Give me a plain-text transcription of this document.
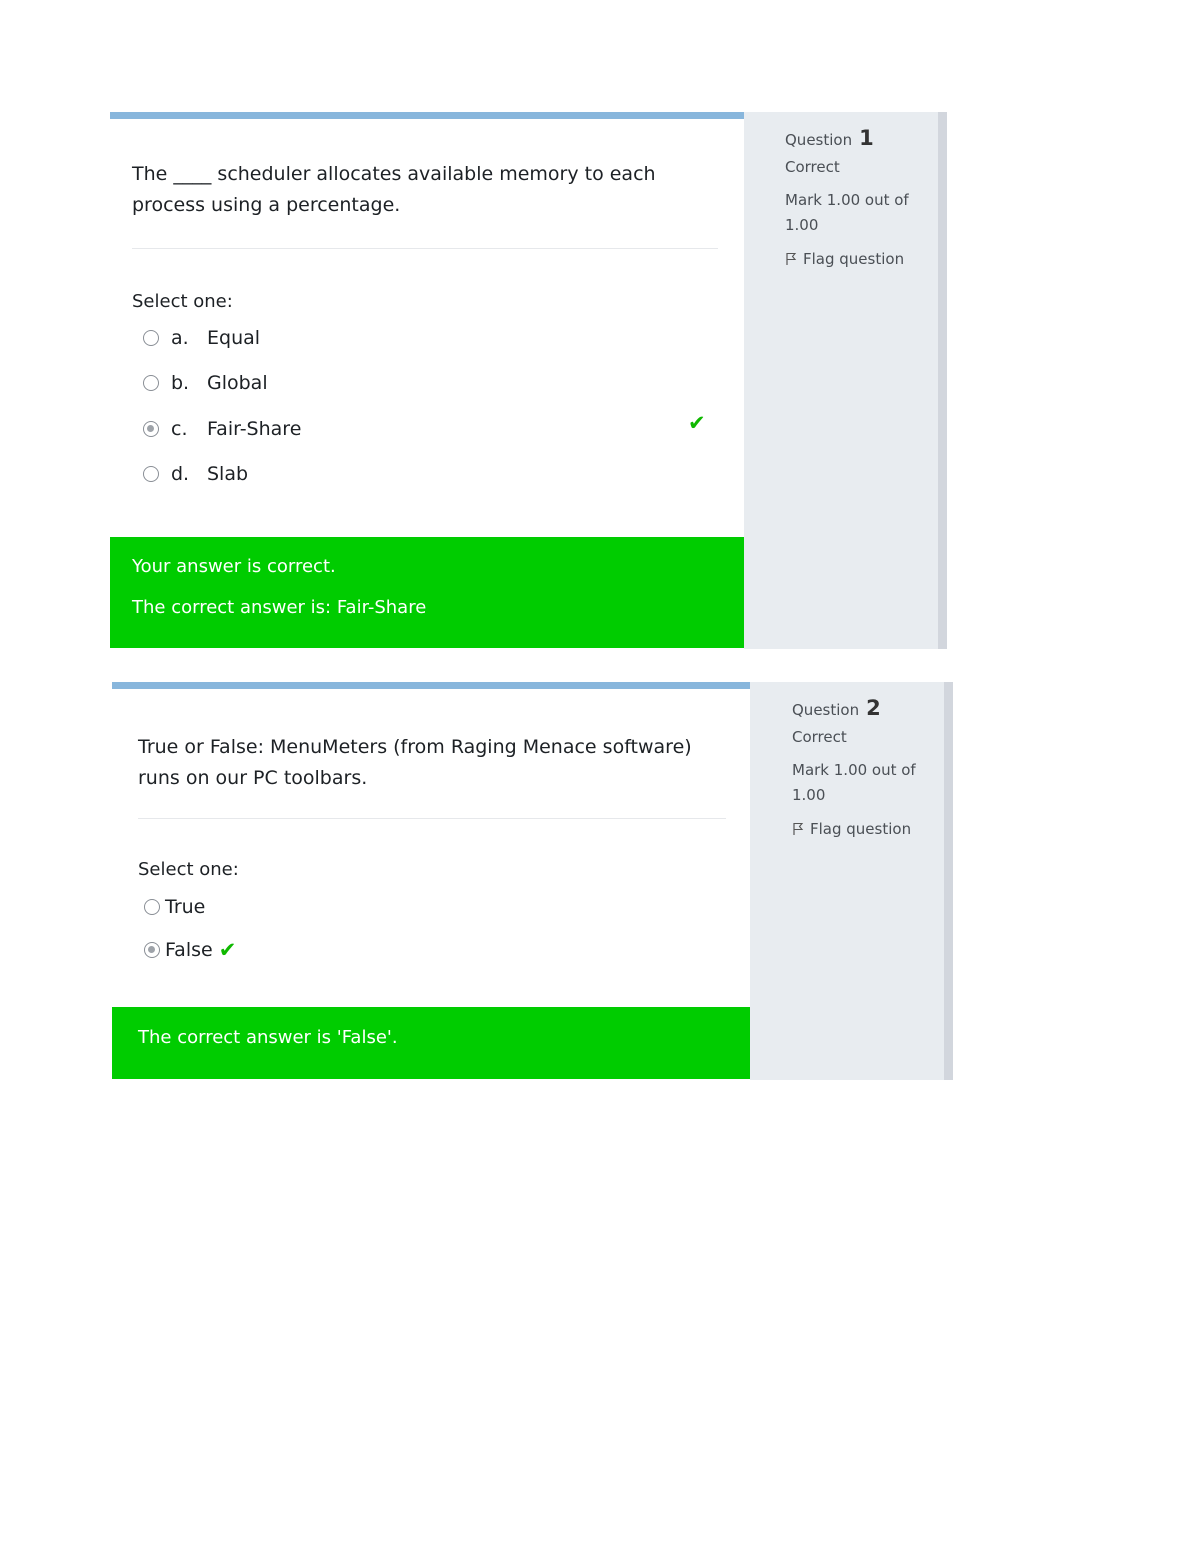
The ____ scheduler allocates available memory to each process using a percentage.
Select one:
a. Equal
b. Global
c.	Fair-Share	✔
d. Slab
Your answer is correct.
The correct answer is: Fair-Share
Question 1
Correct
Mark 1.00 out of 1.00
Flag question
True or False: MenuMeters (from Raging Menace software) runs on our PC toolbars.
Select one:
True
False ✔
The correct answer is 'False'.
Question 2
Correct
Mark 1.00 out of 1.00
Flag question
